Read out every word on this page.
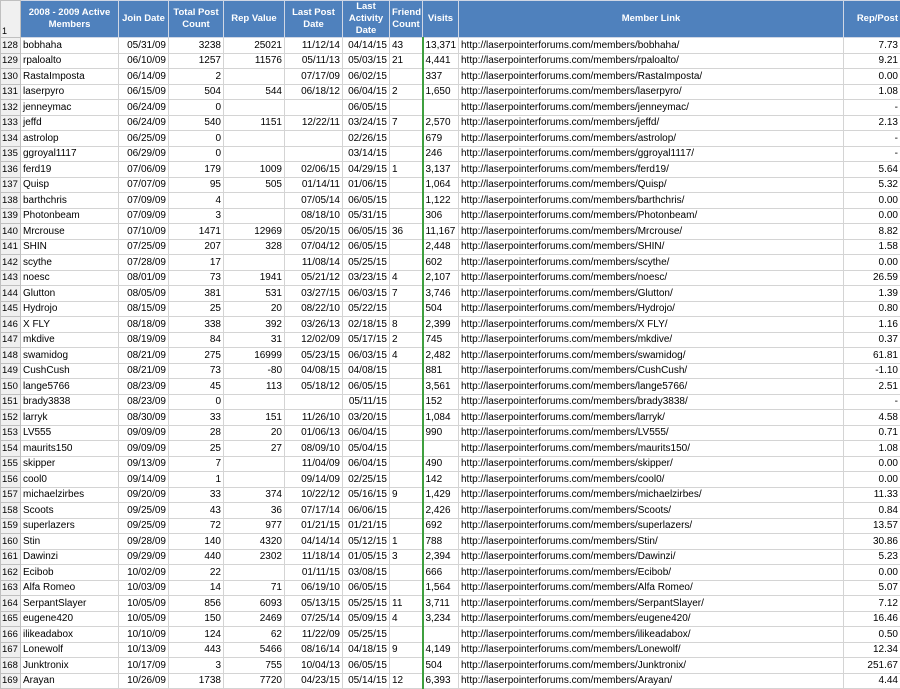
1	2008 - 2009 Active Members	Join Date	Total Post Count	Rep Value	Last Post Date	Last Activity Date	Friend Count	Visits	Member Link	Rep/Post
128	bobhaha	05/31/09	3238	25021	11/12/14	04/14/15	43	13,371	http://laserpointerforums.com/members/bobhaha/	7.73
129	rpaloalto	06/10/09	1257	11576	05/11/13	05/03/15	21	4,441	http://laserpointerforums.com/members/rpaloalto/	9.21
130	RastaImposta	06/14/09	2		07/17/09	06/02/15		337	http://laserpointerforums.com/members/RastaImposta/	0.00
131	laserpyro	06/15/09	504	544	06/18/12	06/04/15	2	1,650	http://laserpointerforums.com/members/laserpyro/	1.08
132	jenneymac	06/24/09	0			06/05/15			http://laserpointerforums.com/members/jenneymac/	-
133	jeffd	06/24/09	540	1151	12/22/11	03/24/15	7	2,570	http://laserpointerforums.com/members/jeffd/	2.13
134	astrolop	06/25/09	0			02/26/15		679	http://laserpointerforums.com/members/astrolop/	-
135	ggroyal1117	06/29/09	0			03/14/15		246	http://laserpointerforums.com/members/ggroyal1117/	-
136	ferd19	07/06/09	179	1009	02/06/15	04/29/15	1	3,137	http://laserpointerforums.com/members/ferd19/	5.64
137	Quisp	07/07/09	95	505	01/14/11	01/06/15		1,064	http://laserpointerforums.com/members/Quisp/	5.32
138	barthchris	07/09/09	4		07/05/14	06/05/15		1,122	http://laserpointerforums.com/members/barthchris/	0.00
139	Photonbeam	07/09/09	3		08/18/10	05/31/15		306	http://laserpointerforums.com/members/Photonbeam/	0.00
140	Mrcrouse	07/10/09	1471	12969	05/20/15	06/05/15	36	11,167	http://laserpointerforums.com/members/Mrcrouse/	8.82
141	SHIN	07/25/09	207	328	07/04/12	06/05/15		2,448	http://laserpointerforums.com/members/SHIN/	1.58
142	scythe	07/28/09	17		11/08/14	05/25/15		602	http://laserpointerforums.com/members/scythe/	0.00
143	noesc	08/01/09	73	1941	05/21/12	03/23/15	4	2,107	http://laserpointerforums.com/members/noesc/	26.59
144	Glutton	08/05/09	381	531	03/27/15	06/03/15	7	3,746	http://laserpointerforums.com/members/Glutton/	1.39
145	Hydrojo	08/15/09	25	20	08/22/10	05/22/15		504	http://laserpointerforums.com/members/Hydrojo/	0.80
146	X FLY	08/18/09	338	392	03/26/13	02/18/15	8	2,399	http://laserpointerforums.com/members/X FLY/	1.16
147	mkdive	08/19/09	84	31	12/02/09	05/17/15	2	745	http://laserpointerforums.com/members/mkdive/	0.37
148	swamidog	08/21/09	275	16999	05/23/15	06/03/15	4	2,482	http://laserpointerforums.com/members/swamidog/	61.81
149	CushCush	08/21/09	73	-80	04/08/15	04/08/15		881	http://laserpointerforums.com/members/CushCush/	-1.10
150	lange5766	08/23/09	45	113	05/18/12	06/05/15		3,561	http://laserpointerforums.com/members/lange5766/	2.51
151	brady3838	08/23/09	0			05/11/15		152	http://laserpointerforums.com/members/brady3838/	-
152	larryk	08/30/09	33	151	11/26/10	03/20/15		1,084	http://laserpointerforums.com/members/larryk/	4.58
153	LV555	09/09/09	28	20	01/06/13	06/04/15		990	http://laserpointerforums.com/members/LV555/	0.71
154	maurits150	09/09/09	25	27	08/09/10	05/04/15			http://laserpointerforums.com/members/maurits150/	1.08
155	skipper	09/13/09	7		11/04/09	06/04/15		490	http://laserpointerforums.com/members/skipper/	0.00
156	cool0	09/14/09	1		09/14/09	02/25/15		142	http://laserpointerforums.com/members/cool0/	0.00
157	michaelzirbes	09/20/09	33	374	10/22/12	05/16/15	9	1,429	http://laserpointerforums.com/members/michaelzirbes/	11.33
158	Scoots	09/25/09	43	36	07/17/14	06/06/15		2,426	http://laserpointerforums.com/members/Scoots/	0.84
159	superlazers	09/25/09	72	977	01/21/15	01/21/15		692	http://laserpointerforums.com/members/superlazers/	13.57
160	Stin	09/28/09	140	4320	04/14/14	05/12/15	1	788	http://laserpointerforums.com/members/Stin/	30.86
161	Dawinzi	09/29/09	440	2302	11/18/14	01/05/15	3	2,394	http://laserpointerforums.com/members/Dawinzi/	5.23
162	Ecibob	10/02/09	22		01/11/15	03/08/15		666	http://laserpointerforums.com/members/Ecibob/	0.00
163	Alfa Romeo	10/03/09	14	71	06/19/10	06/05/15		1,564	http://laserpointerforums.com/members/Alfa Romeo/	5.07
164	SerpantSlayer	10/05/09	856	6093	05/13/15	05/25/15	11	3,711	http://laserpointerforums.com/members/SerpantSlayer/	7.12
165	eugene420	10/05/09	150	2469	07/25/14	05/09/15	4	3,234	http://laserpointerforums.com/members/eugene420/	16.46
166	ilikeadabox	10/10/09	124	62	11/22/09	05/25/15			http://laserpointerforums.com/members/ilikeadabox/	0.50
167	Lonewolf	10/13/09	443	5466	08/16/14	04/18/15	9	4,149	http://laserpointerforums.com/members/Lonewolf/	12.34
168	Junktronix	10/17/09	3	755	10/04/13	06/05/15		504	http://laserpointerforums.com/members/Junktronix/	251.67
169	Arayan	10/26/09	1738	7720	04/23/15	05/14/15	12	6,393	http://laserpointerforums.com/members/Arayan/	4.44
